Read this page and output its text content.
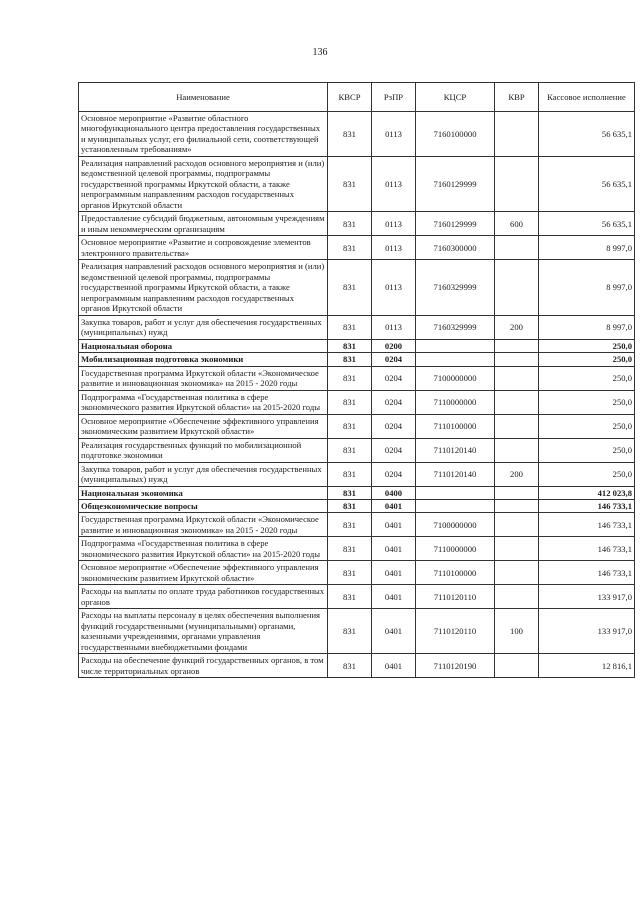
136
Наименование	КВСР	РзПР	КЦСР	КВР	Кассовое исполнение
Основное мероприятие «Развитие областного многофункционального центра предоставления государственных и муниципальных услуг, его филиальной сети, соответствующей установленным требованиям»	831	0113	7160100000		56 635,1
Реализация направлений расходов основного мероприятия и (или) ведомственной целевой программы, подпрограммы государственной программы Иркутской области, а также непрограммным направлениям расходов государственных органов Иркутской области	831	0113	7160129999		56 635,1
Предоставление субсидий бюджетным, автономным учреждениям и иным некоммерческим организациям	831	0113	7160129999	600	56 635,1
Основное мероприятие «Развитие и сопровождение элементов электронного правительства»	831	0113	7160300000		8 997,0
Реализация направлений расходов основного мероприятия и (или) ведомственной целевой программы, подпрограммы государственной программы Иркутской области, а также непрограммным направлениям расходов государственных органов Иркутской области	831	0113	7160329999		8 997,0
Закупка товаров, работ и услуг для обеспечения государственных (муниципальных) нужд	831	0113	7160329999	200	8 997,0
Национальная оборона	831	0200			250,0
Мобилизационная подготовка экономики	831	0204			250,0
Государственная программа Иркутской области «Экономическое развитие и инновационная экономика» на 2015 - 2020 годы	831	0204	7100000000		250,0
Подпрограмма «Государственная политика в сфере экономического развития Иркутской области» на 2015-2020 годы	831	0204	7110000000		250,0
Основное мероприятие «Обеспечение эффективного управления экономическим развитием Иркутской области»	831	0204	7110100000		250,0
Реализация государственных функций по мобилизационной подготовке экономики	831	0204	7110120140		250,0
Закупка товаров, работ и услуг для обеспечения государственных (муниципальных) нужд	831	0204	7110120140	200	250,0
Национальная экономика	831	0400			412 023,8
Общеэкономические вопросы	831	0401			146 733,1
Государственная программа Иркутской области «Экономическое развитие и инновационная экономика» на 2015 - 2020 годы	831	0401	7100000000		146 733,1
Подпрограмма «Государственная политика в сфере экономического развития Иркутской области» на 2015-2020 годы	831	0401	7110000000		146 733,1
Основное мероприятие «Обеспечение эффективного управления экономическим развитием Иркутской области»	831	0401	7110100000		146 733,1
Расходы на выплаты по оплате труда работников государственных органов	831	0401	7110120110		133 917,0
Расходы на выплаты персоналу в целях обеспечения выполнения функций государственными (муниципальными) органами, казенными учреждениями, органами управления государственными внебюджетными фондами	831	0401	7110120110	100	133 917,0
Расходы на обеспечение функций государственных органов, в том числе территориальных органов	831	0401	7110120190		12 816,1
